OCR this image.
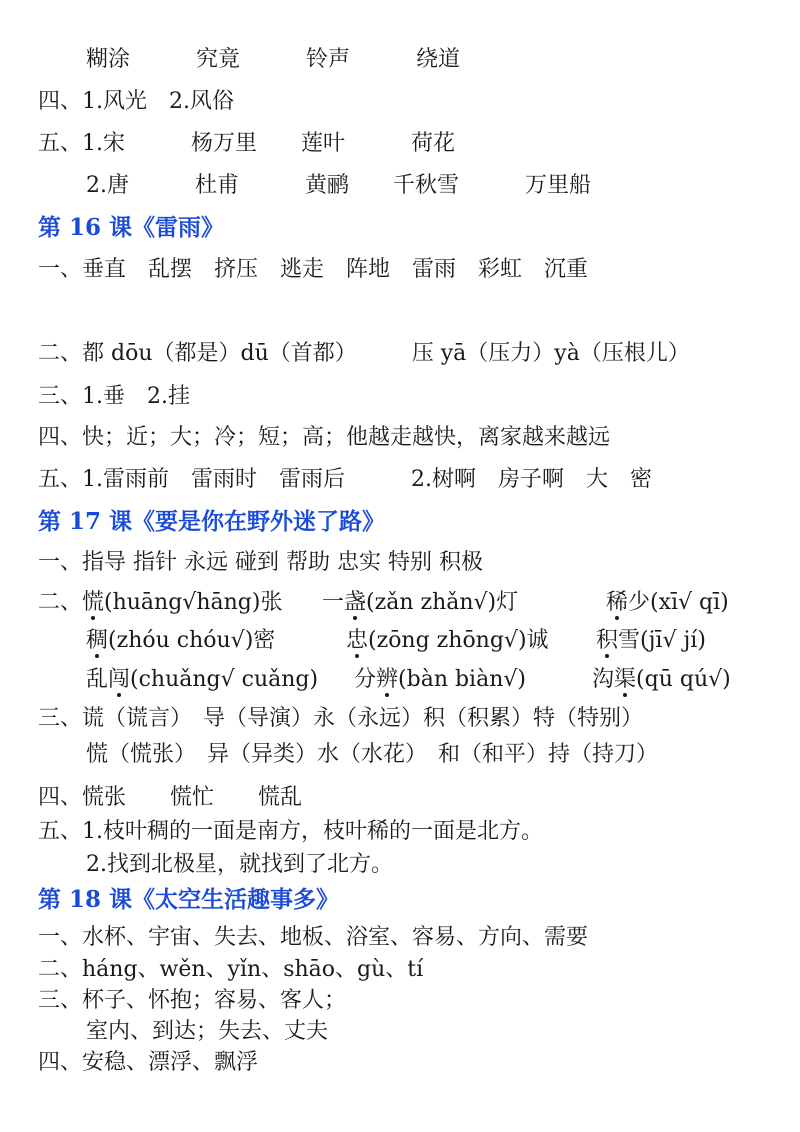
糊涂　　　究竟　　　铃声　　　绕道
四、1.风光　2.风俗
五、1.宋　　　杨万里　　莲叶　　　荷花
2.唐　　　杜甫　　　黄鹂　　千秋雪　　　万里船
第 16 课《雷雨》
一、垂直　乱摆　挤压　逃走　阵地　雷雨　彩虹　沉重
二、都 dōu（都是）dū（首都）　　　压 yā（压力）yà（压根儿）
三、1.垂　2.挂
四、快；近；大；冷；短；高；他越走越快，离家越来越远
五、1.雷雨前　雷雨时　雷雨后　　　2.树啊　房子啊　大　密
第 17 课《要是你在野外迷了路》
一、指导 指针 永远 碰到 帮助 忠实 特别 积极
二、 慌(huāng√hāng)张 一盏(zǎn zhǎn√)灯	稀少(xī√ qī)
稠(zhóu chóu√)密	忠(zōng zhōng√)诚 积雪(jī√ jí)
乱闯(chuǎng√ cuǎng) 分辨(bàn biàn√)	沟渠(qū qú√)
三、谎（谎言）　导（导演）永（永远）积（积累）特（特别）
慌（慌张）　异（异类）水（水花）　和（和平）持（持刀）
四、慌张　　慌忙　　慌乱
五、1.枝叶稠的一面是南方，枝叶稀的一面是北方。
2.找到北极星，就找到了北方。
第 18 课《太空生活趣事多》
一、水杯、宇宙、失去、地板、浴室、容易、方向、需要
二、háng、wěn、yǐn、shāo、gù、tí
三、杯子、怀抱；容易、客人；
室内、到达；失去、丈夫
四、安稳、漂浮、飘浮
